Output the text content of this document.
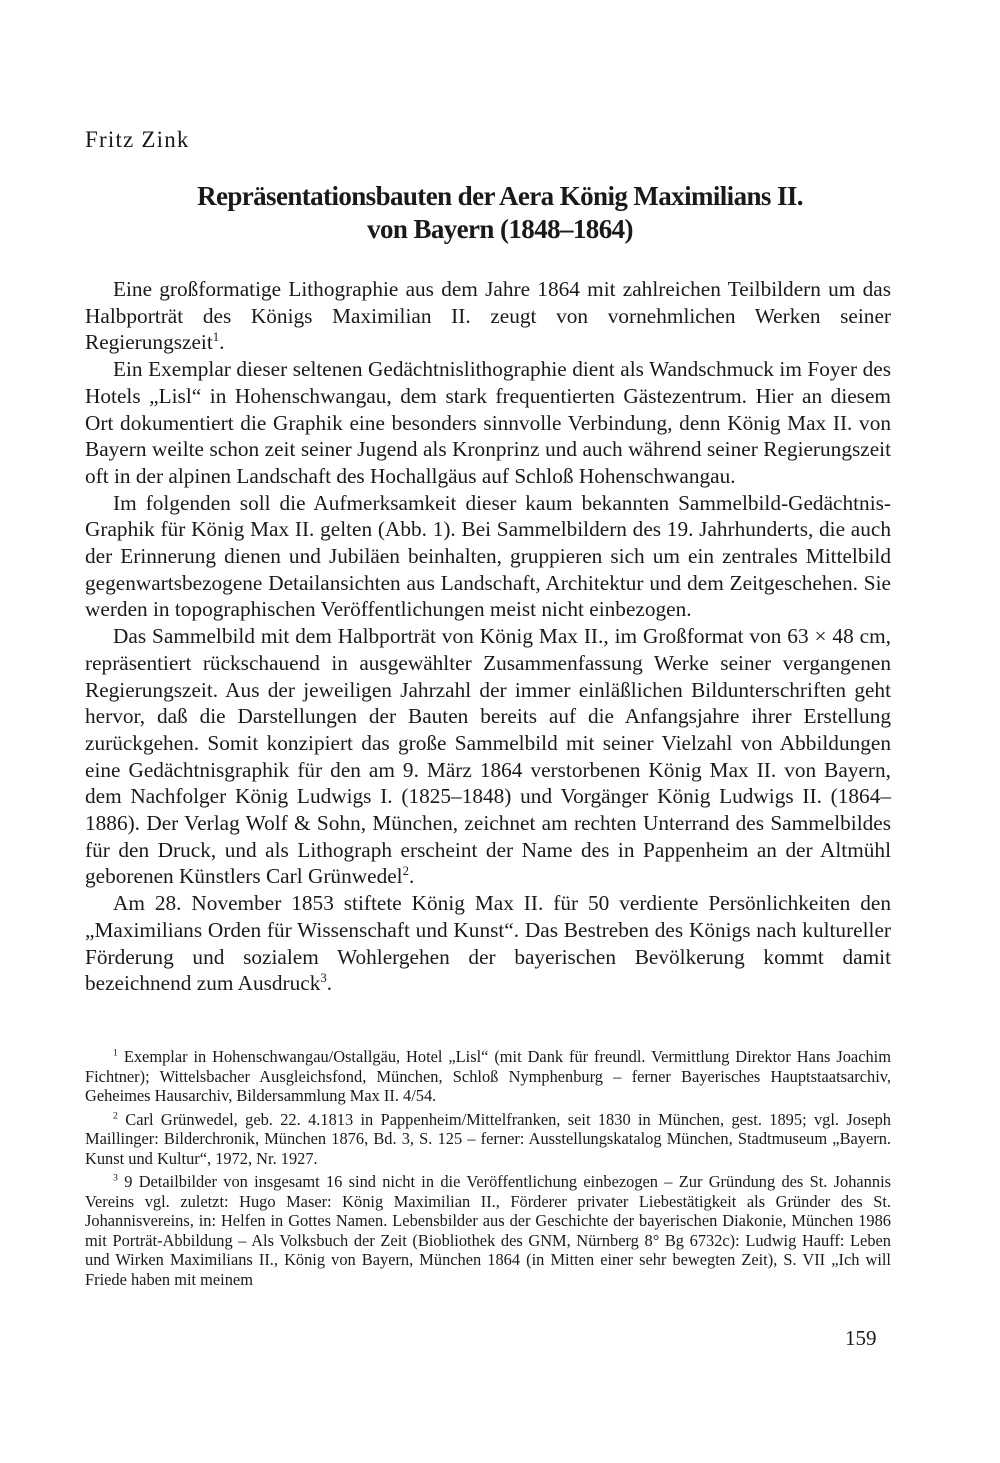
Fritz Zink
Repräsentationsbauten der Aera König Maximilians II.
von Bayern (1848–1864)

Eine großformatige Lithographie aus dem Jahre 1864 mit zahlreichen Teilbildern um das Halbporträt des Königs Maximilian II. zeugt von vornehmlichen Werken seiner Regierungszeit$^1$.

Ein Exemplar dieser seltenen Gedächtnislithographie dient als Wandschmuck im Foyer des Hotels „Lisl“ in Hohenschwangau, dem stark frequentierten Gästezentrum. Hier an diesem Ort dokumentiert die Graphik eine besonders sinnvolle Verbindung, denn König Max II. von Bayern weilte schon zeit seiner Jugend als Kronprinz und auch während seiner Regierungszeit oft in der alpinen Landschaft des Hochallgäus auf Schloß Hohenschwangau.

Im folgenden soll die Aufmerksamkeit dieser kaum bekannten Sammelbild-Gedächtnis-Graphik für König Max II. gelten (Abb. 1). Bei Sammelbildern des 19. Jahrhunderts, die auch der Erinnerung dienen und Jubiläen beinhalten, gruppieren sich um ein zentrales Mittelbild gegenwartsbezogene Detailansichten aus Landschaft, Architektur und dem Zeitgeschehen. Sie werden in topographischen Veröffentlichungen meist nicht einbezogen.

Das Sammelbild mit dem Halbporträt von König Max II., im Großformat von 63 × 48 cm, repräsentiert rückschauend in ausgewählter Zusammenfassung Werke seiner vergangenen Regierungszeit. Aus der jeweiligen Jahrzahl der immer einläßlichen Bildunterschriften geht hervor, daß die Darstellungen der Bauten bereits auf die Anfangsjahre ihrer Erstellung zurückgehen. Somit konzipiert das große Sammelbild mit seiner Vielzahl von Abbildungen eine Gedächtnisgraphik für den am 9. März 1864 verstorbenen König Max II. von Bayern, dem Nachfolger König Ludwigs I. (1825–1848) und Vorgänger König Ludwigs II. (1864–1886). Der Verlag Wolf & Sohn, München, zeichnet am rechten Unterrand des Sammelbildes für den Druck, und als Lithograph erscheint der Name des in Pappenheim an der Altmühl geborenen Künstlers Carl Grünwedel$^2$.

Am 28. November 1853 stiftete König Max II. für 50 verdiente Persönlichkeiten den „Maximilians Orden für Wissenschaft und Kunst“. Das Bestreben des Königs nach kultureller Förderung und sozialem Wohlergehen der bayerischen Bevölkerung kommt damit bezeichnend zum Ausdruck$^3$.

$^1$ Exemplar in Hohenschwangau/Ostallgäu, Hotel „Lisl“ (mit Dank für freundl. Vermittlung Direktor Hans Joachim Fichtner); Wittelsbacher Ausgleichsfond, München, Schloß Nymphenburg – ferner Bayerisches Hauptstaatsarchiv, Geheimes Hausarchiv, Bildersammlung Max II. 4/54.

$^2$ Carl Grünwedel, geb. 22. 4.1813 in Pappenheim/Mittelfranken, seit 1830 in München, gest. 1895; vgl. Joseph Maillinger: Bilderchronik, München 1876, Bd. 3, S. 125 – ferner: Ausstellungskatalog München, Stadtmuseum „Bayern. Kunst und Kultur“, 1972, Nr. 1927.

$^3$ 9 Detailbilder von insgesamt 16 sind nicht in die Veröffentlichung einbezogen – Zur Gründung des St. Johannis Vereins vgl. zuletzt: Hugo Maser: König Maximilian II., Förderer privater Liebestätigkeit als Gründer des St. Johannisvereins, in: Helfen in Gottes Namen. Lebensbilder aus der Geschichte der bayerischen Diakonie, München 1986 mit Porträt-Abbildung – Als Volksbuch der Zeit (Biobliothek des GNM, Nürnberg 8° Bg 6732c): Ludwig Hauff: Leben und Wirken Maximilians II., König von Bayern, München 1864 (in Mitten einer sehr bewegten Zeit), S. VII „Ich will Friede haben mit meinem

159
